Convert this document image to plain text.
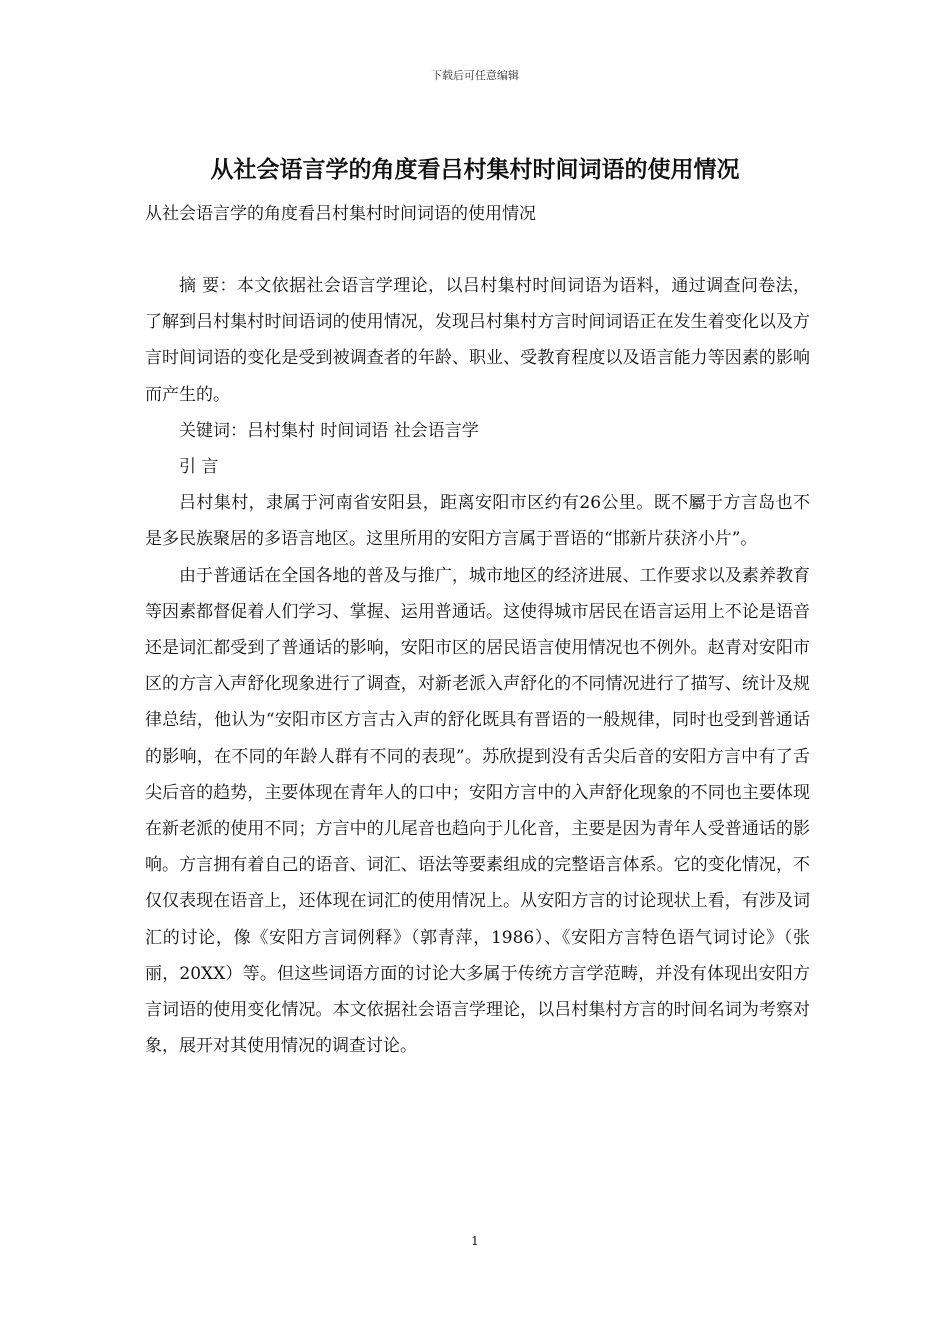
下载后可任意编辑
从社会语言学的角度看吕村集村时间词语的使用情况
从社会语言学的角度看吕村集村时间词语的使用情况

摘 要：本文依据社会语言学理论，以吕村集村时间词语为语料，通过调查问卷法，了解到吕村集村时间语词的使用情况，发现吕村集村方言时间词语正在发生着变化以及方言时间词语的变化是受到被调查者的年龄、职业、受教育程度以及语言能力等因素的影响而产生的。

关键词：吕村集村 时间词语 社会语言学

引 言

吕村集村，隶属于河南省安阳县，距离安阳市区约有26公里。既不屬于方言岛也不是多民族聚居的多语言地区。这里所用的安阳方言属于晋语的“邯新片获济小片”。

由于普通话在全国各地的普及与推广，城市地区的经济进展、工作要求以及素养教育等因素都督促着人们学习、掌握、运用普通话。这使得城市居民在语言运用上不论是语音还是词汇都受到了普通话的影响，安阳市区的居民语言使用情况也不例外。赵青对安阳市区的方言入声舒化现象进行了调查，对新老派入声舒化的不同情况进行了描写、统计及规律总结，他认为“安阳市区方言古入声的舒化既具有晋语的一般规律，同时也受到普通话的影响，在不同的年龄人群有不同的表现”。苏欣提到没有舌尖后音的安阳方言中有了舌尖后音的趋势，主要体现在青年人的口中；安阳方言中的入声舒化现象的不同也主要体现在新老派的使用不同；方言中的儿尾音也趋向于儿化音，主要是因为青年人受普通话的影响。方言拥有着自己的语音、词汇、语法等要素组成的完整语言体系。它的变化情况，不仅仅表现在语音上，还体现在词汇的使用情况上。从安阳方言的讨论现状上看，有涉及词汇的讨论，像《安阳方言词例释》（郭青萍，1986）、《安阳方言特色语气词讨论》（张丽，20XX）等。但这些词语方面的讨论大多属于传统方言学范畴，并没有体现出安阳方言词语的使用变化情况。本文依据社会语言学理论，以吕村集村方言的时间名词为考察对象，展开对其使用情况的调查讨论。

1
